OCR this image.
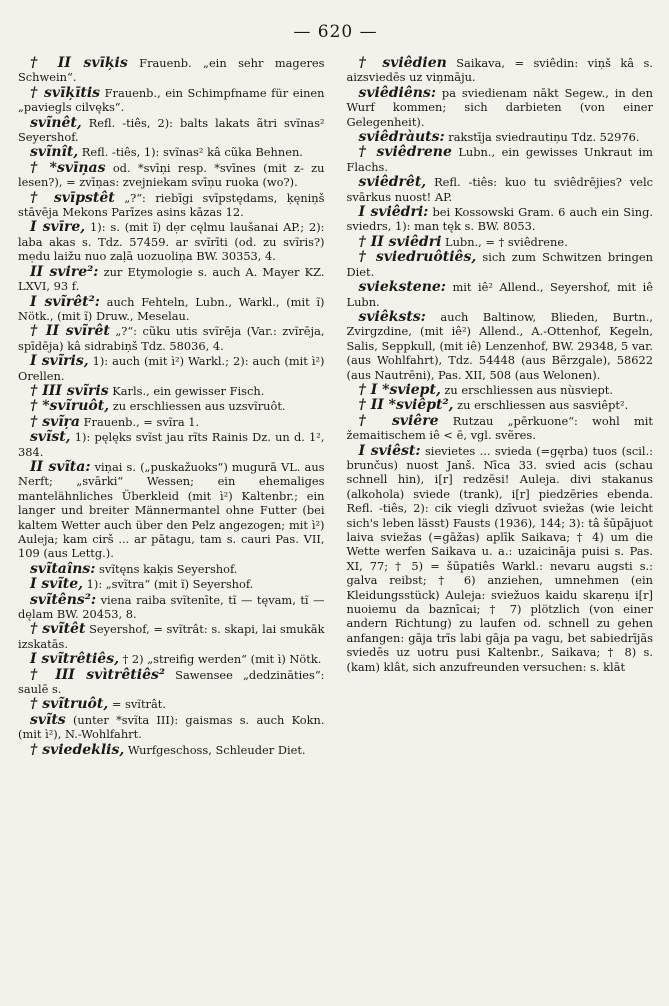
— 620 —

† II svīķis Frauenb. „ein sehr mageres Schwein“.

† svīķītis Frauenb., ein Schimpfname für einen „paviegls cilvęks“.

svĩnêt, Refl. -tiês, 2): balts lakats ãtri svĩnas² Seyershof.

svĩnît, Refl. -tiês, 1): svĩnas² kâ cũka Behnen.

† *svīņas od. *svīņi resp. *svīnes (mit z- zu lesen?), = zvīņas: zvejniekam svīņu ruoka (wo?).

† svīpstêt „?“: riebīgi svīpstędams, ķęniņš stāvēja Mekons Parīzes asins kāzas 12.

I svīre, 1): s. (mit ĩ) dẹr cęlmu laušanai AP.; 2): laba akas s. Tdz. 57459. ar svĩrīti (od. zu svĩris?) mẹdu laižu nuo zaļā uozuoliņa BW. 30353, 4.

II svire²: zur Etymologie s. auch A. Mayer KZ. LXVI, 93 f.

I svĩrêt²: auch Fehteln, Lubn., Warkl., (mit ĩ) Nötk., (mit ĩ) Druw., Meselau.

† II svĩrêt „?“: cũku utis svĩrēja (Var.: zvĩrēja, spīdēja) kâ sidrabiņš Tdz. 58036, 4.

I svĩris, 1): auch (mit ì²) Warkl.; 2): auch (mit ì²) Orellen.

† III svĩris Karls., ein gewisser Fisch.

† *svĩruôt, zu erschliessen aus uzsvĩruôt.

† svĩŗa Frauenb., = svĩra 1.

svĩst, 1): pęlęks svĩst jau rĩts Rainis Dz. un d. 1², 384.

II svĩta: viņai s. („puskažuoks“) mugurā VL. aus Nerft; „svārki“ Wessen; ein ehemaliges mantelähnliches Überkleid (mit ì²) Kaltenbr.; ein langer und breiter Männermantel ohne Futter (bei kaltem Wetter auch über den Pelz angezogen; mit ì²) Auleja; kam cirš ... ar pātagu, tam s. cauri Pas. VII, 109 (aus Lettg.).

svĩtaîns: svĩtęns kaķis Seyershof.

I svĩte, 1): „svĩtra“ (mit ĩ) Seyershof.

svĩtêns²: viena raiba svĩtenīte, tĩ — tęvam, tĩ — dęlam BW. 20453, 8.

† svĩtêt Seyershof, = svĩtrât: s. skapi, lai smukāk izskatās.

I svĩtrêtiês, † 2) „streifig werden“ (mit ì) Nötk.

† III svìtrêtiês² Sawensee „dedzināties“: saulē s.

† svĩtruôt, = svĩtrât.

svĩts (unter *svĩta III): gaismas s. auch Kokn. (mit ì²), N.-Wohlfahrt.

† sviedeklis, Wurfgeschoss, Schleuder Diet.

† sviêdien Saikava, = sviêdin: viņš kâ s. aizsviedēs uz viņmāju.

sviêdiêns: pa sviedienam nākt Segew., in den Wurf kommen; sich darbieten (von einer Gelegenheit).

sviêdràuts: rakstīja sviedrautiņu Tdz. 52976.

† sviêdrene Lubn., ein gewisses Unkraut im Flachs.

sviêdrêt, Refl. -tiês: kuo tu sviêdrējies? velc svārkus nuost! AP.

I sviêdri: bei Kossowski Gram. 6 auch ein Sing. sviedrs, 1): man tęk s. BW. 8053.

† II sviêdri Lubn., = † sviêdrene.

† sviedruôtiês, sich zum Schwitzen bringen Diet.

sviekstene: mit iê² Allend., Seyershof, mit iê Lubn.

sviêksts: auch Baltinow, Blieden, Burtn., Zvirgzdine, (mit iê²) Allend., A.-Ottenhof, Kegeln, Salis, Seppkull, (mit iê) Lenzenhof, BW. 29348, 5 var. (aus Wohlfahrt), Tdz. 54448 (aus Bērzgale), 58622 (aus Nautrēni), Pas. XII, 508 (aus Welonen).

† I *sviept, zu erschliessen aus nùsviept.

† II *sviêpt², zu erschliessen aus sasviêpt².

† sviêre Rutzau „pērkuone“: wohl mit žemaitischem iê < ē, vgl. svẽres.

I sviêst: sievietes ... svieda (=gęrba) tuos (scil.: brunčus) nuost Janš. Nīca 33. svied acis (schau schnell hin), i[r] redzēsi! Auleja. divi stakanus (alkohola) sviede (trank), i[r] piedzēries ebenda. Refl. -tiês, 2): cik viegli dzīvuot sviežas (wie leicht sich's leben lässt) Fausts (1936), 144; 3): tâ šūpājuot laiva sviežas (=gāžas) aplīk Saikava; † 4) um die Wette werfen Saikava u. a.: uzaicināja puisi s. Pas. XI, 77; † 5) = šūpatiês Warkl.: nevaru augsti s.: galva reibst; † 6) anziehen, umnehmen (ein Kleidungsstück) Auleja: sviežuos kaidu skareņu i[r] nuoiemu da baznīcai; † 7) plötzlich (von einer andern Richtung) zu laufen od. schnell zu gehen anfangen: gāja trīs labi gāja pa vagu, bet sabiedrījās sviedēs uz uotru pusi Kaltenbr., Saikava; † 8) s. (kam) klât, sich anzufreunden versuchen: s. klāt
